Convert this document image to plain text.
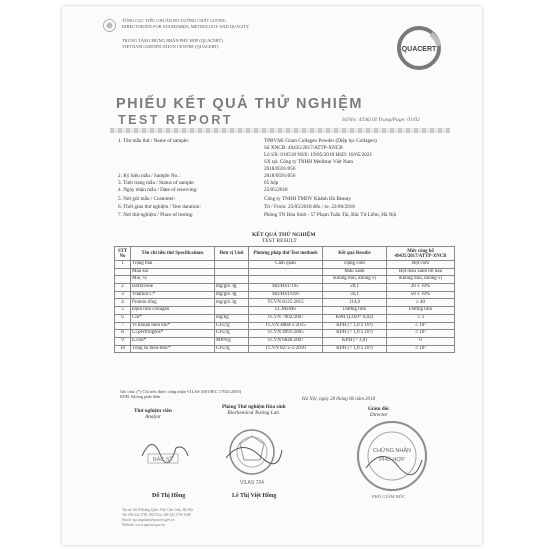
TỔNG CỤC TIÊU CHUẨN ĐO LƯỜNG CHẤT LƯỢNG
DIRECTORATE FOR STANDARDS, METROLOGY AND QUALITY
TRUNG TÂM CHỨNG NHẬN PHÙ HỢP (QUACERT)
VIETNAM CERTIFICATION CENTRE (QUACERT)	QUACERT
PHIẾU KẾT QUẢ THỬ NGHIỆM
TEST REPORT	Số/No: 4596/18 Trang/Page: 01/02
1. Tên mẫu thử / Name of sample:	TPBVSK Gram Collagen Powder (Diệp lục Collagen)
Số XNCB: 49435/2017/ATTP-XNCB
Lô SX: 010518 NSX: 19/05/2018 HSD: 18/05/2021
SX tại: Công ty TNHH Medistar Việt Nam
2018/0591/056
2. Ký hiệu mẫu / Sample No.:	2018/0591/056
3. Tình trạng mẫu / Status of sample:	05 hộp
4. Ngày nhận mẫu / Date of receiving:	25/05/2018
5. Nơi gửi mẫu / Customer:	Công ty TNHH TMDV Khánh Hà Beauty
6. Thời gian thử nghiệm / Test duration:	Từ / From: 25/05/2018 đến / to: 22/06/2018
7. Nơi thử nghiệm / Place of testing:	Phòng TN Hóa Sinh - 57 Phạm Tuấn Tài, Bắc Từ Liêm, Hà Nội
KẾT QUẢ THỬ NGHIỆM
TEST RESULT
STT No	Tên chỉ tiêu thử Specifications	Đơn vị Unit	Phương pháp thử Test methods	Kết quả Results	Mức công bố 49435/2017/ATTP-XNCB
1	Trạng thái		Cảm quan	Dạng cốm	Bột cốm
	Màu sắc			Màu xanh	Bột màu xanh tới nâu
	Mùi, vị			Không mùi, không vị	Không mùi, không vị
2	Isoflavone	mg/gói 3g	HD/HS1/165	28,1	20 ± 10%
3	Vitamin C*	mg/gói 3g	HD/HS1/018	56,1	50 ± 10%
4	Protein tổng	mg/gói 3g	TCVN 8125:2015	114,0	≥ 40
5	Định tính collagen		LCMSMS	Dương tính	Dương tính
6	Chì*	mg/kg	TCVN 7602:2007	KPH (LOD= 0,02)	≤ 3
7	Vi khuẩn hiếu khí*	CFU/g	TCVN 4884-1:2015	KPH (< 1,0 x 10¹)	≤ 10⁵
8	Cl.perfringens*	CFU/g	TCVN 4991:2005	KPH (< 1,0 x 10¹)	≤ 10²
9	E.coli*	MPN/g	TCVN 6846:2007	KPH (< 3,0)	0
10	Tổng số men-mốc*	CFU/g	TCVN 8275-2:2010	KPH (< 1,0 x 10¹)	≤ 10²
Ghi chú: (*) Chỉ tiêu được công nhận VILAS (ISO/IEC 17025:2005)
KPH: Không phát hiện
Hà Nội, ngày 28 tháng 06 năm 2018
Thử nghiệm viên
Analyst
Phòng Thử nghiệm Hóa sinh
Biochemical Testing Lab.
Giám đốc
Director
BÁC SỸ
VILAS 724
CHỨNG NHẬN
PHÙ HỢP
PHÓ GIÁM ĐỐC
Đỗ Thị Hồng	Lê Thị Việt Hồng
Trụ sở: Số 8 Hoàng Quốc Việt, Cầu Giấy, Hà Nội
Tel: (84-24) 3756 1025 Fax: (84-24) 3756 3188
Email: vpcongnhan@quacert.gov.vn
Website: www.quacert.gov.vn
